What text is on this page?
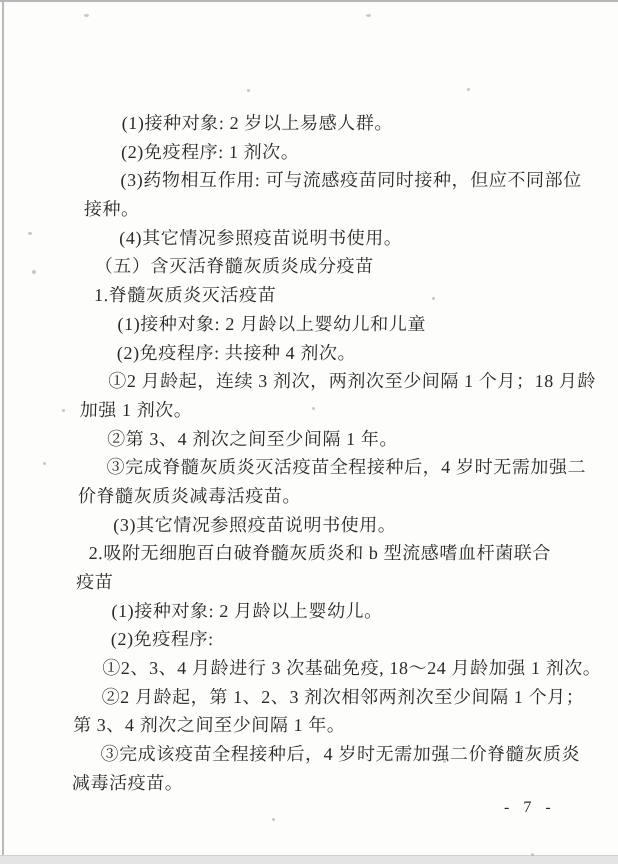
(1)接种对象: 2 岁以上易感人群。
(2)免疫程序: 1 剂次。
(3)药物相互作用: 可与流感疫苗同时接种，但应不同部位
接种。
(4)其它情况参照疫苗说明书使用。
（五）含灭活脊髓灰质炎成分疫苗
1.脊髓灰质炎灭活疫苗
(1)接种对象: 2 月龄以上婴幼儿和儿童
(2)免疫程序: 共接种 4 剂次。
①2 月龄起，连续 3 剂次，两剂次至少间隔 1 个月；18 月龄
加强 1 剂次。
②第 3、4 剂次之间至少间隔 1 年。
③完成脊髓灰质炎灭活疫苗全程接种后，4 岁时无需加强二
价脊髓灰质炎减毒活疫苗。
(3)其它情况参照疫苗说明书使用。
2.吸附无细胞百白破脊髓灰质炎和 b 型流感嗜血杆菌联合
疫苗
(1)接种对象: 2 月龄以上婴幼儿。
(2)免疫程序:
①2、3、4 月龄进行 3 次基础免疫, 18～24 月龄加强 1 剂次。
②2 月龄起，第 1、2、3 剂次相邻两剂次至少间隔 1 个月；
第 3、4 剂次之间至少间隔 1 年。
③完成该疫苗全程接种后，4 岁时无需加强二价脊髓灰质炎
减毒活疫苗。
- 7 -
